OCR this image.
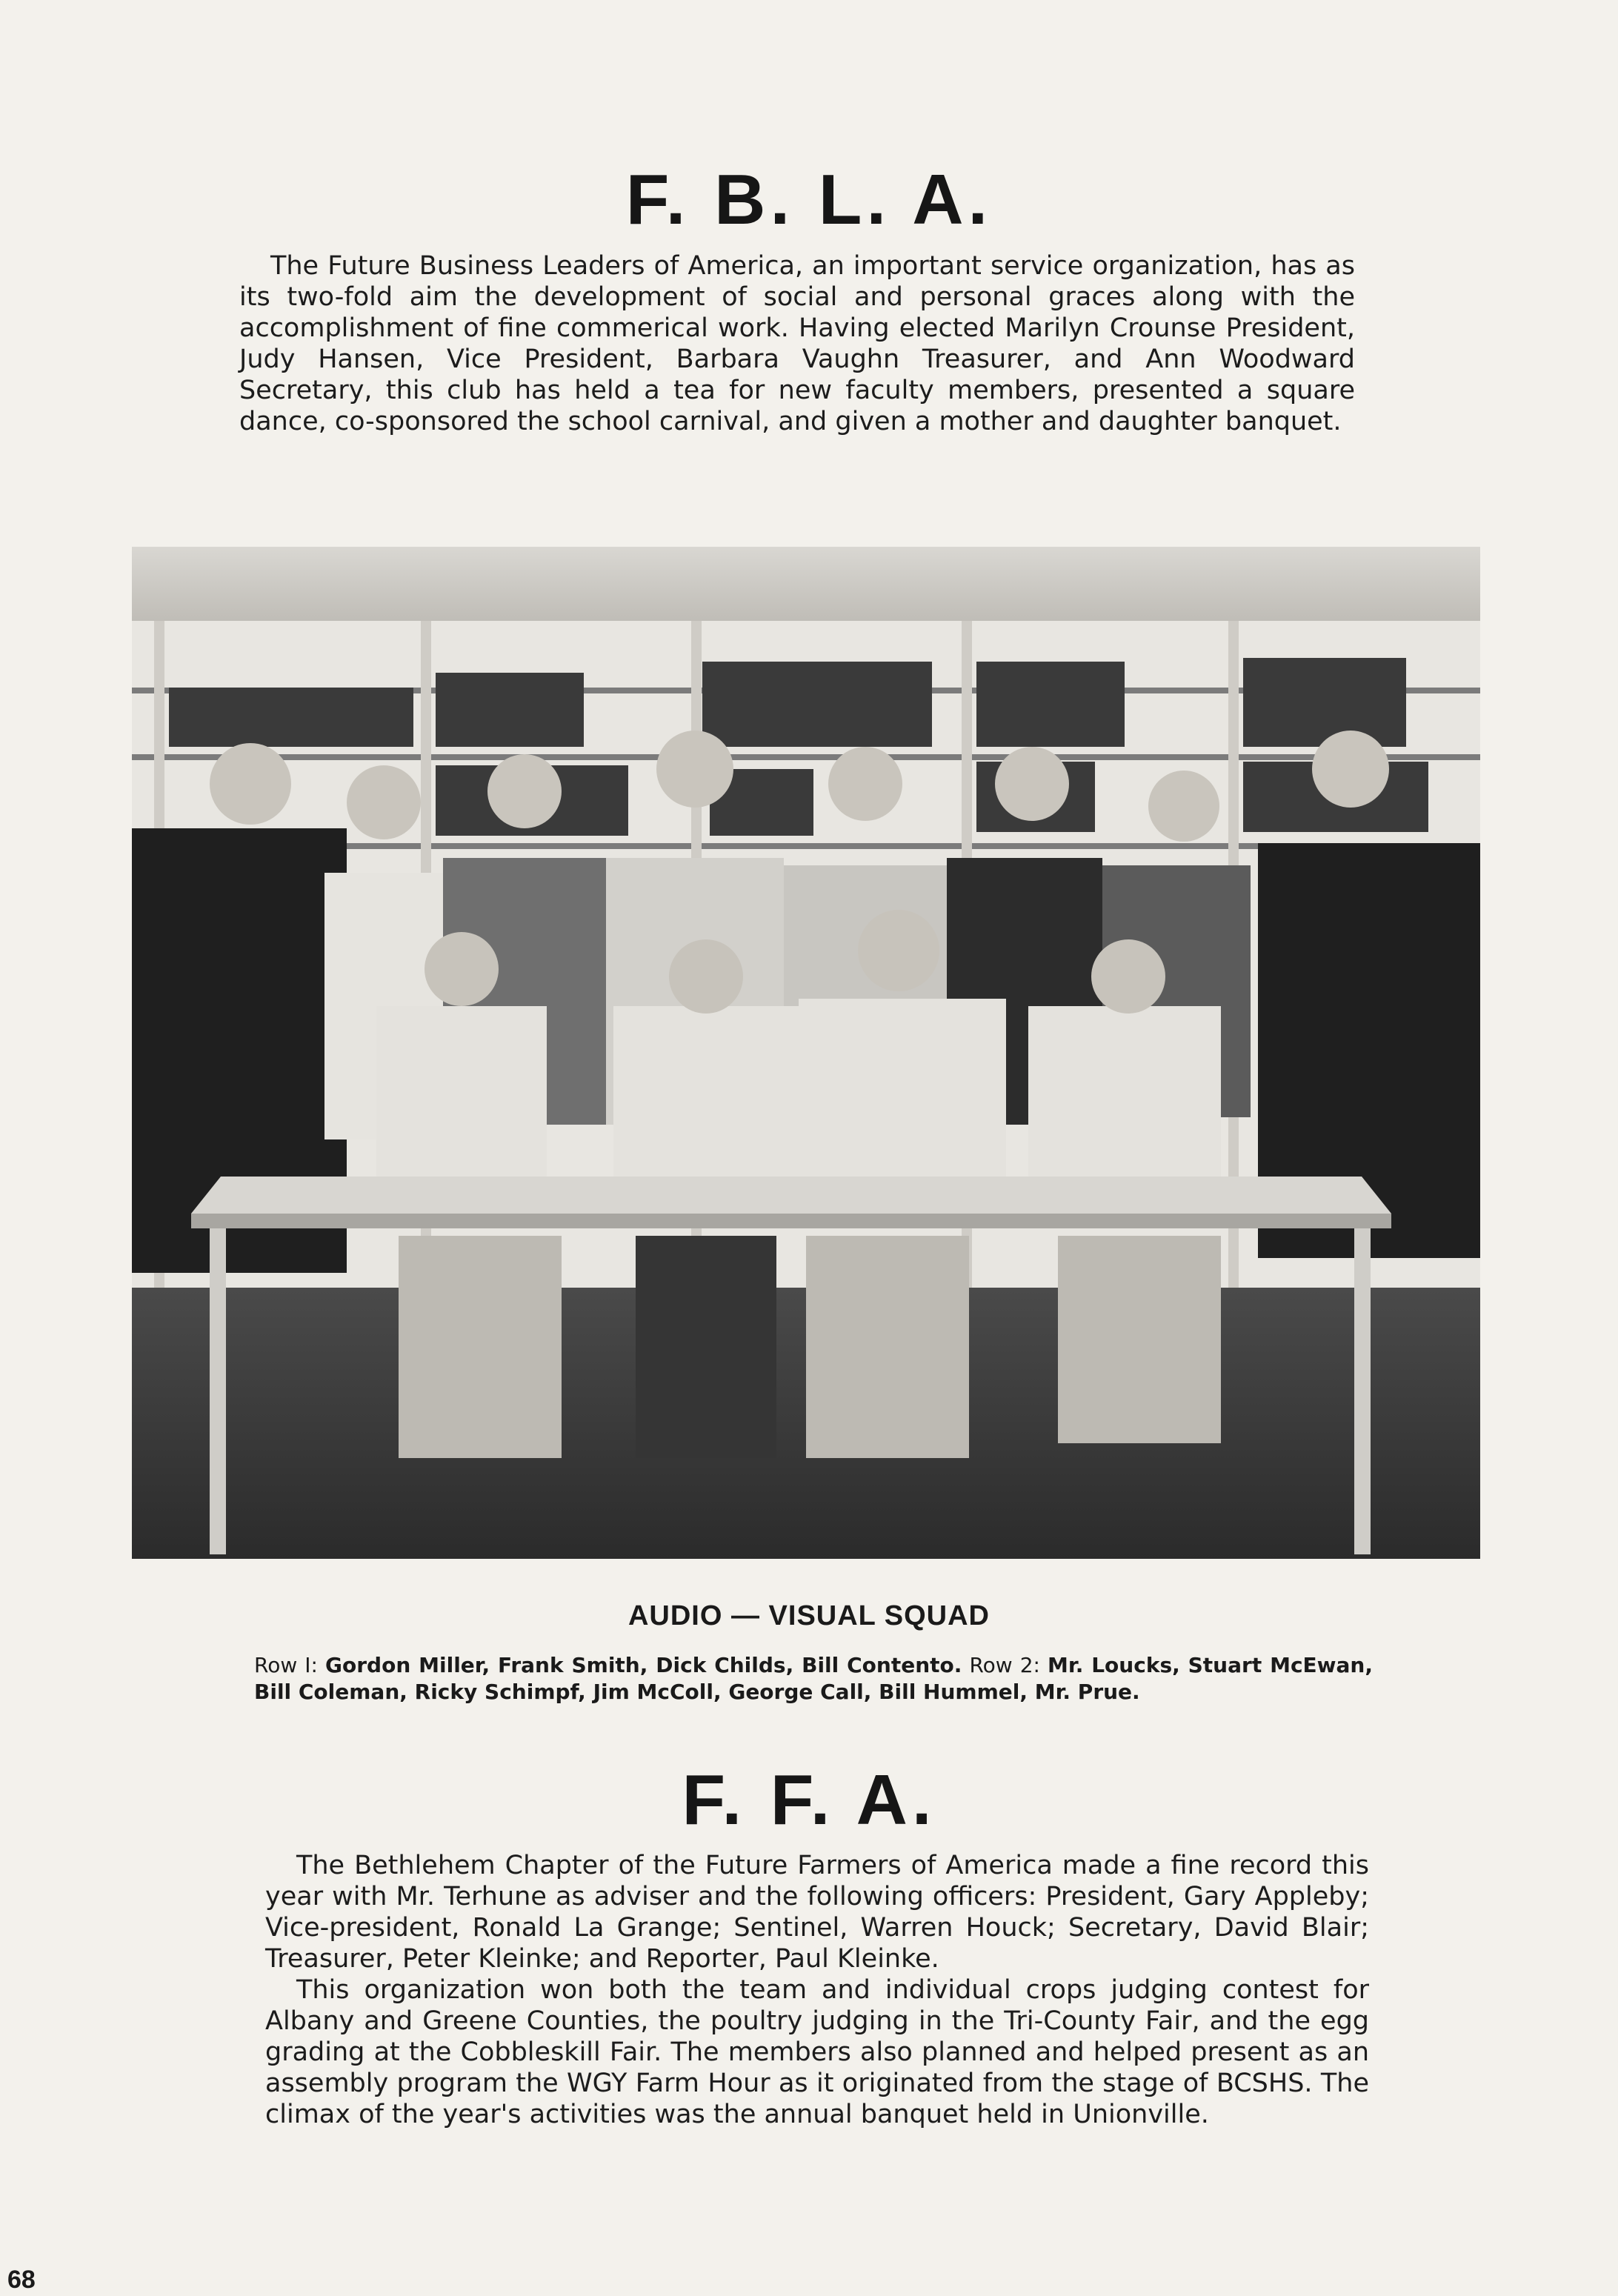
F. B. L. A.

The Future Business Leaders of America, an important service organization, has as its two-fold aim the development of social and personal graces along with the accomplishment of fine commerical work. Having elected Marilyn Crounse President, Judy Hansen, Vice President, Barbara Vaughn Treasurer, and Ann Woodward Secretary, this club has held a tea for new faculty members, presented a square dance, co-sponsored the school carnival, and given a mother and daughter banquet.

AUDIO — VISUAL SQUAD
Row I: Gordon Miller, Frank Smith, Dick Childs, Bill Contento. Row 2: Mr. Loucks, Stuart McEwan, Bill Coleman, Ricky Schimpf, Jim McColl, George Call, Bill Hummel, Mr. Prue.
F. F. A.

The Bethlehem Chapter of the Future Farmers of America made a fine record this year with Mr. Terhune as adviser and the following officers: President, Gary Appleby; Vice-president, Ronald La Grange; Sentinel, Warren Houck; Secretary, David Blair; Treasurer, Peter Kleinke; and Reporter, Paul Kleinke.

This organization won both the team and individual crops judging contest for Albany and Greene Counties, the poultry judging in the Tri-County Fair, and the egg grading at the Cobbleskill Fair. The members also planned and helped present as an assembly program the WGY Farm Hour as it originated from the stage of BCSHS. The climax of the year's activities was the annual banquet held in Unionville.

68
